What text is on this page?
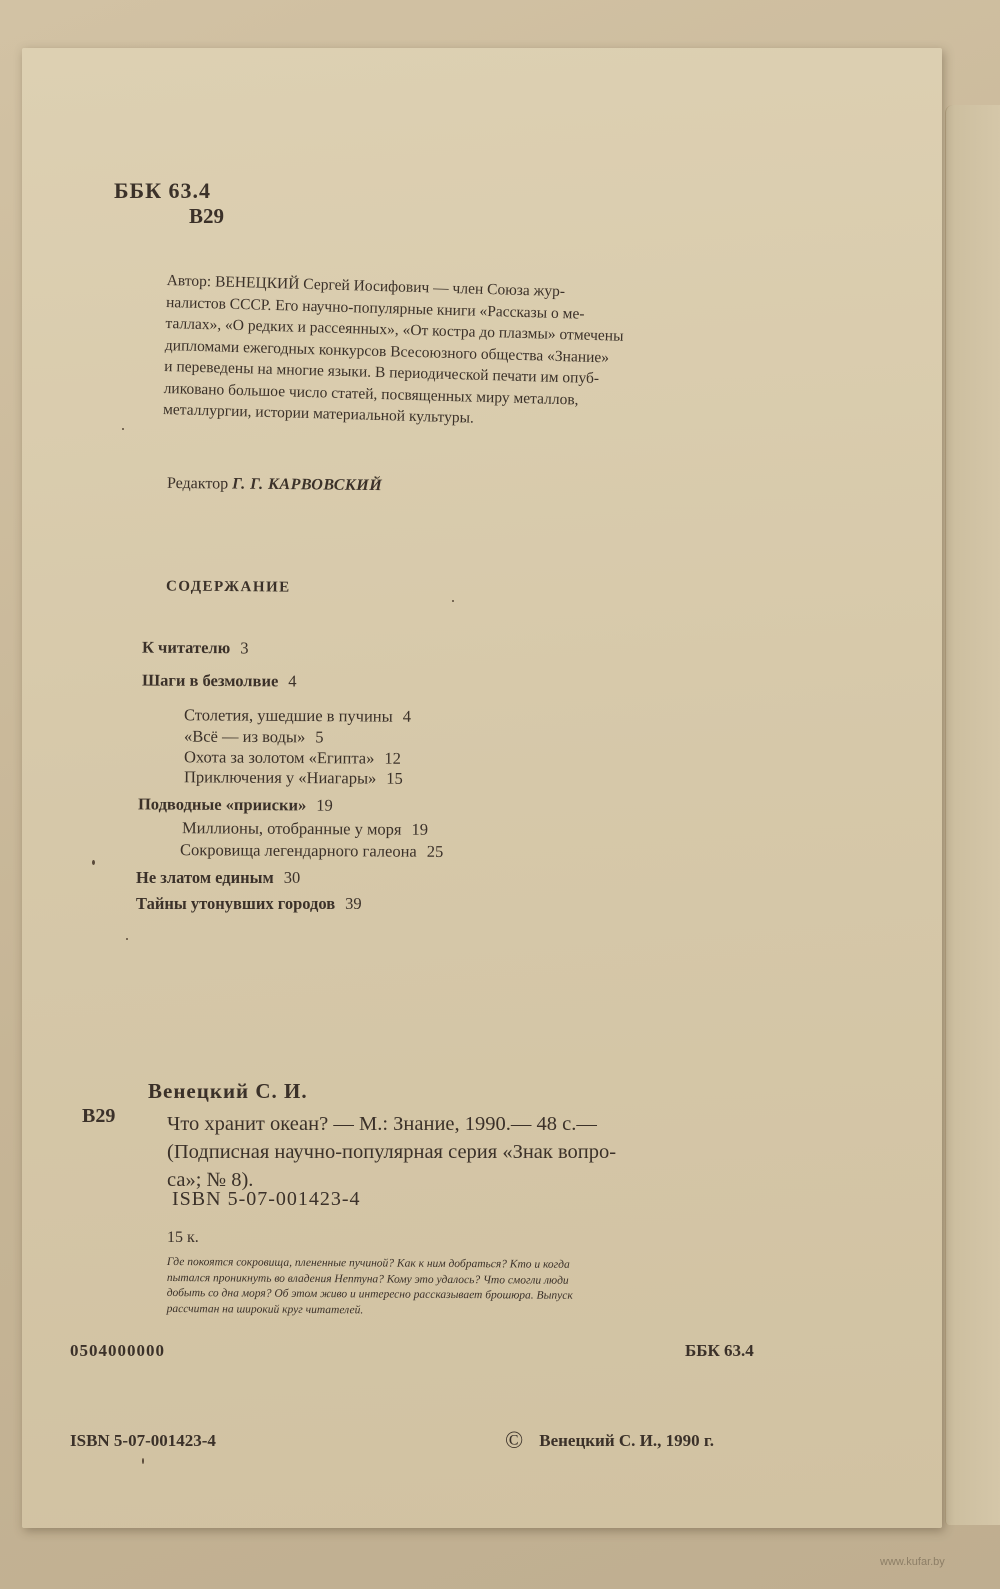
ББК 63.4
В29
Автор: ВЕНЕЦКИЙ Сергей Иосифович — член Союза жур-
налистов СССР. Его научно-популярные книги «Рассказы о ме-
таллах», «О редких и рассеянных», «От костра до плазмы» отмечены
дипломами ежегодных конкурсов Всесоюзного общества «Знание»
и переведены на многие языки. В периодической печати им опуб-
ликовано большое число статей, посвященных миру металлов,
металлургии, истории материальной культуры.
Редактор Г. Г. КАРВОВСКИЙ
СОДЕРЖАНИЕ
К читателю 3
Шаги в безмолвие 4
Столетия, ушедшие в пучины 4
«Всё — из воды» 5
Охота за золотом «Египта» 12
Приключения у «Ниагары» 15
Подводные «прииски» 19
Миллионы, отобранные у моря 19
Сокровища легендарного галеона 25
Не златом единым 30
Тайны утонувших городов 39
Венецкий С. И.
В29	Что хранит океан? — М.: Знание, 1990.— 48 с.—
(Подписная научно-популярная серия «Знак вопро-
са»; № 8).
ISBN 5-07-001423-4
15 к.
Где покоятся сокровища, плененные пучиной? Как к ним добраться? Кто и когда
пытался проникнуть во владения Нептуна? Кому это удалось? Что смогли люди
добыть со дна моря? Об этом живо и интересно рассказывает брошюра. Выпуск
рассчитан на широкий круг читателей.
0504000000	ББК 63.4
ISBN 5-07-001423-4	© Венецкий С. И., 1990 г.
www.kufar.by
